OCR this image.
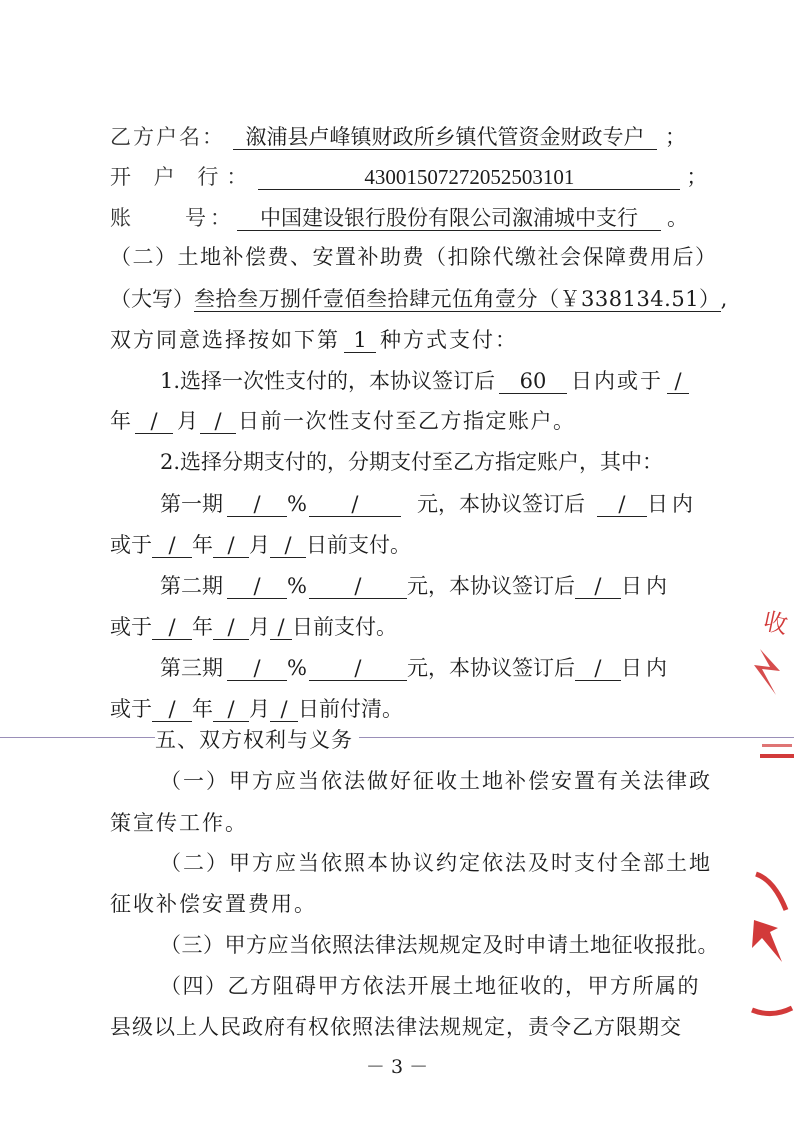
乙方户名： 溆浦县卢峰镇财政所乡镇代管资金财政专户 ；
开 户 行：	43001507272052503101	；
账　　号： 中国建设银行股份有限公司溆浦城中支行 。
（二）土地补偿费、安置补助费（扣除代缴社会保障费用后）
（大写）叁拾叁万捌仟壹佰叁拾肆元伍角壹分（￥338134.51）,
双方同意选择按如下第 1 种方式支付：
1.选择一次性支付的，本协议签订后 60 日内或于 /
年 / 月 / 日前一次性支付至乙方指定账户。
2.选择分期支付的，分期支付至乙方指定账户，其中：
第一期 / % /	元，本协议签订后 / 日内
或于 / 年 / 月 / 日前支付。
第二期 / % / 元，本协议签订后 / 日内
或于 / 年 / 月 / 日前支付。
第三期 / % / 元，本协议签订后 / 日内
或于 / 年 / 月 / 日前付清。
五、双方权利与义务
（一）甲方应当依法做好征收土地补偿安置有关法律政
策宣传工作。
（二）甲方应当依照本协议约定依法及时支付全部土地
征收补偿安置费用。
（三）甲方应当依照法律法规规定及时申请土地征收报批。
（四）乙方阻碍甲方依法开展土地征收的，甲方所属的
县级以上人民政府有权依照法律法规规定，责令乙方限期交
－ 3 －
收
